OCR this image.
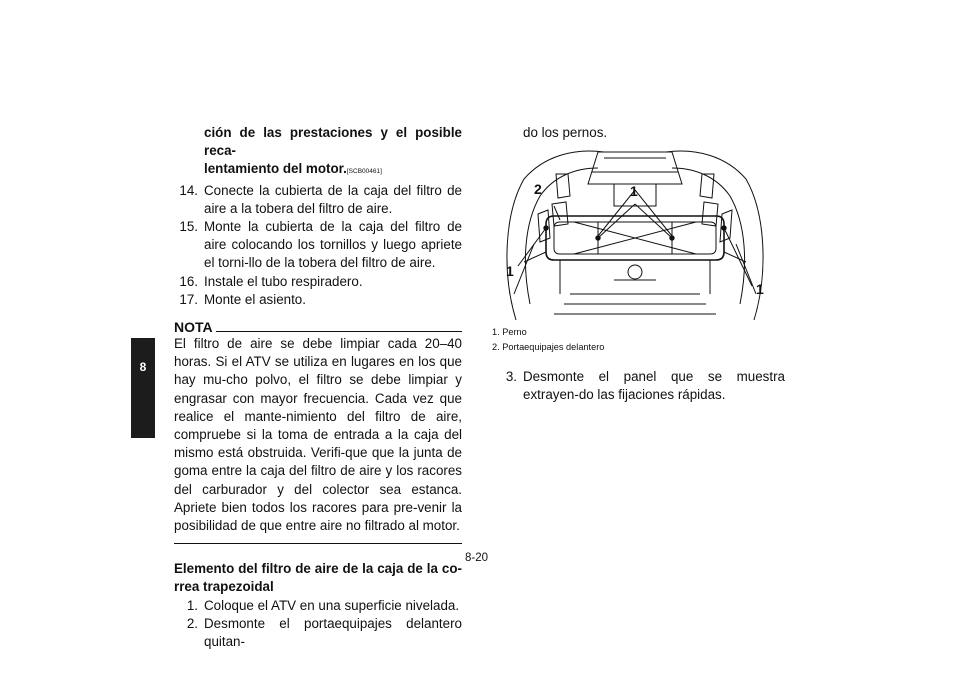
8

ción de las prestaciones y el posible reca-

lentamiento del motor.[SCB00461]

14. Conecte la cubierta de la caja del filtro de aire a la tobera del filtro de aire.

15. Monte la cubierta de la caja del filtro de aire colocando los tornillos y luego apriete el torni-llo de la tobera del filtro de aire.

16. Instale el tubo respiradero.

17. Monte el asiento.

NOTA

El filtro de aire se debe limpiar cada 20–40 horas. Si el ATV se utiliza en lugares en los que hay mu-cho polvo, el filtro se debe limpiar y engrasar con mayor frecuencia. Cada vez que realice el mante-nimiento del filtro de aire, compruebe si la toma de entrada a la caja del mismo está obstruida. Verifi-que que la junta de goma entre la caja del filtro de aire y los racores del carburador y del colector sea estanca. Apriete bien todos los racores para pre-venir la posibilidad de que entre aire no filtrado al motor.

Elemento del filtro de aire de la caja de la co-rrea trapezoidal

1. Coloque el ATV en una superficie nivelada.

2. Desmonte el portaequipajes delantero quitan-

do los pernos.

2	1
1
1
1. Perno
2. Portaequipajes delantero

3. Desmonte el panel que se muestra extrayen-do las fijaciones rápidas.

8-20
